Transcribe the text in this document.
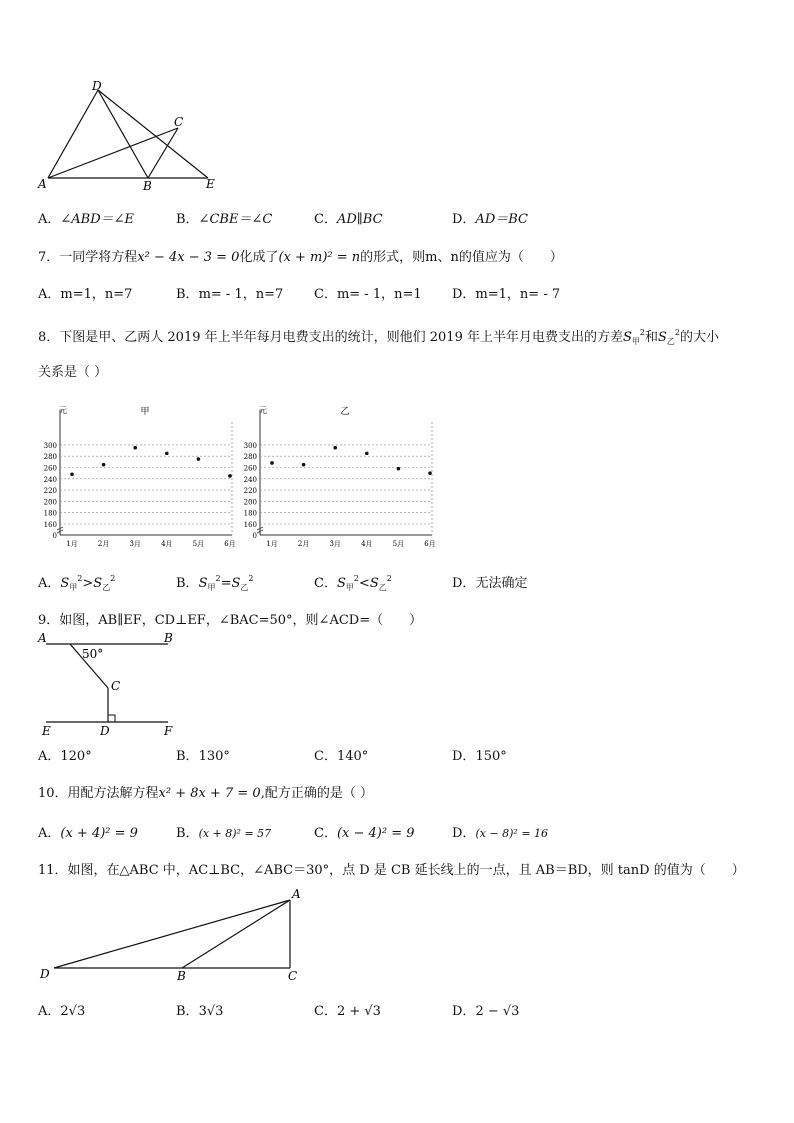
D
C
A	B	E
A．∠ABD＝∠E	B．∠CBE＝∠C	C．AD∥BC	D．AD＝BC
7．一同学将方程x² − 4x − 3 = 0化成了(x + m)² = n的形式，则m、n的值应为（　　）
A．m=1，n=7	B．m= - 1，n=7 C．m= - 1，n=1 D．m=1，n= - 7
8．下图是甲、乙两人 2019 年上半年每月电费支出的统计，则他们 2019 年上半年月电费支出的方差$S_甲^2$和$S_乙^2$的大小
关系是（ ）
甲
元
0
160
180
200
220
240
260
280
300
1月	2月	3月	4月	5月	6月
乙
元
0
160
180
200
220
240
260
280
300
1月	2月	3月	4月	5月	6月
A．$S_甲^2>S_乙^2$	B．$S_甲^2=S_乙^2$	C．$S_甲^2<S_乙^2$	D．无法确定
9．如图，AB∥EF，CD⊥EF，∠BAC=50°，则∠ACD=（　　）
A	B
50°
C
E	D	F
A．120°	B．130°	C．140°	D．150°
10．用配方法解方程x² + 8x + 7 = 0,配方正确的是（ ）
A．(x + 4)² = 9	B．(x + 8)² = 57	C．(x − 4)² = 9	D．(x − 8)² = 16
11．如图，在△ABC 中，AC⊥BC，∠ABC＝30°，点 D 是 CB 延长线上的一点，且 AB＝BD，则 tanD 的值为（　　）
A
D	B	C
A．2√3	B．3√3	C．2 + √3	D．2 − √3
